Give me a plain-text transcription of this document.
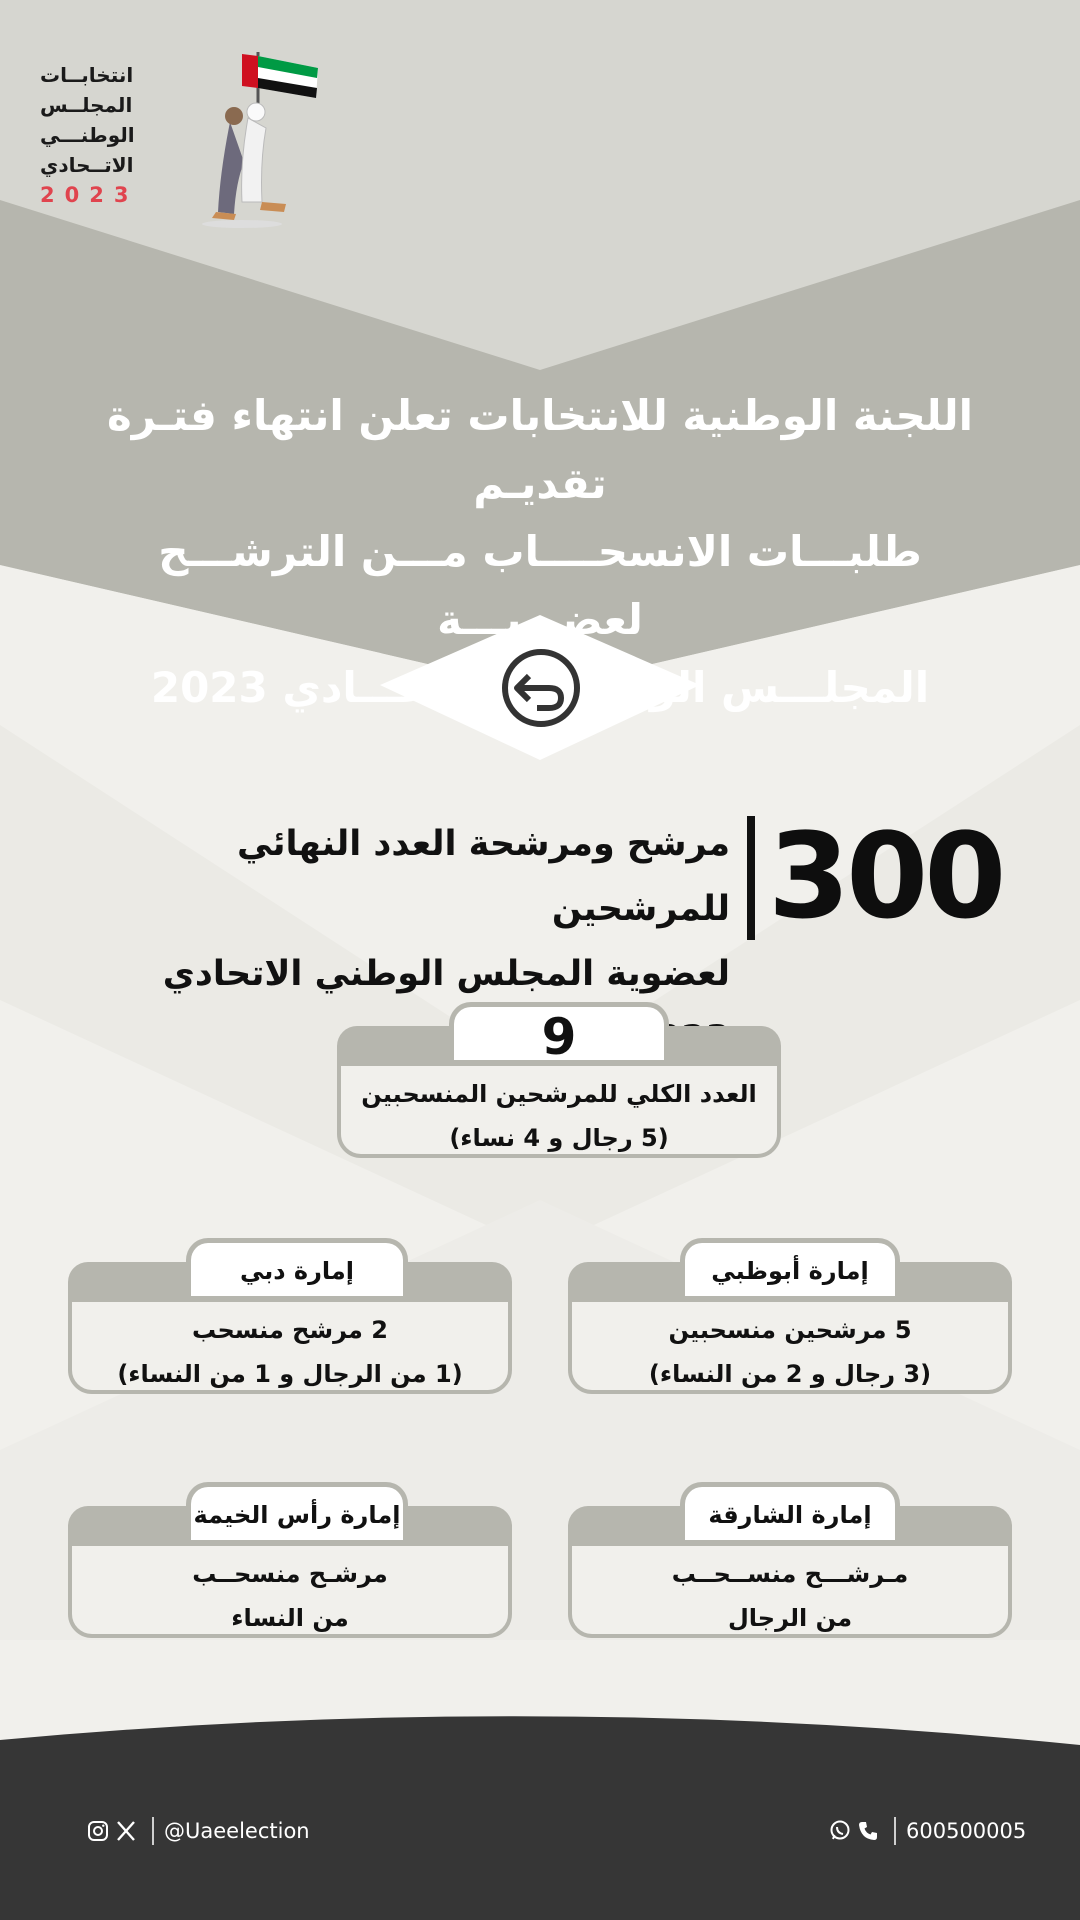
انتخابــات
المجلــس
الوطنـــي
الاتــحادي
2023
اللجنة الوطنية للانتخابات تعلن انتهاء فتـرة تقديـم
طلبـــات الانسحــــاب مـــن الترشـــح لعضـويـــة
المجلـــس الوطنـــي الاتحـــادي 2023
300
مرشح ومرشحة العدد النهائي للمرشحين
لعضوية المجلس الوطني الاتحادي
9
العدد الكلي للمرشحين المنسحبين
(5 رجال و 4 نساء)
إمارة أبوظبي
5 مرشحين منسحبين
(3 رجال و 2 من النساء)
إمارة دبي
2 مرشح منسحب
(1 من الرجال و 1 من النساء)
إمارة الشارقة
مـرشـــح منســحــب
من الرجال
إمارة رأس الخيمة
مرشـح منسحــب
من النساء
@Uaeelection	600500005
